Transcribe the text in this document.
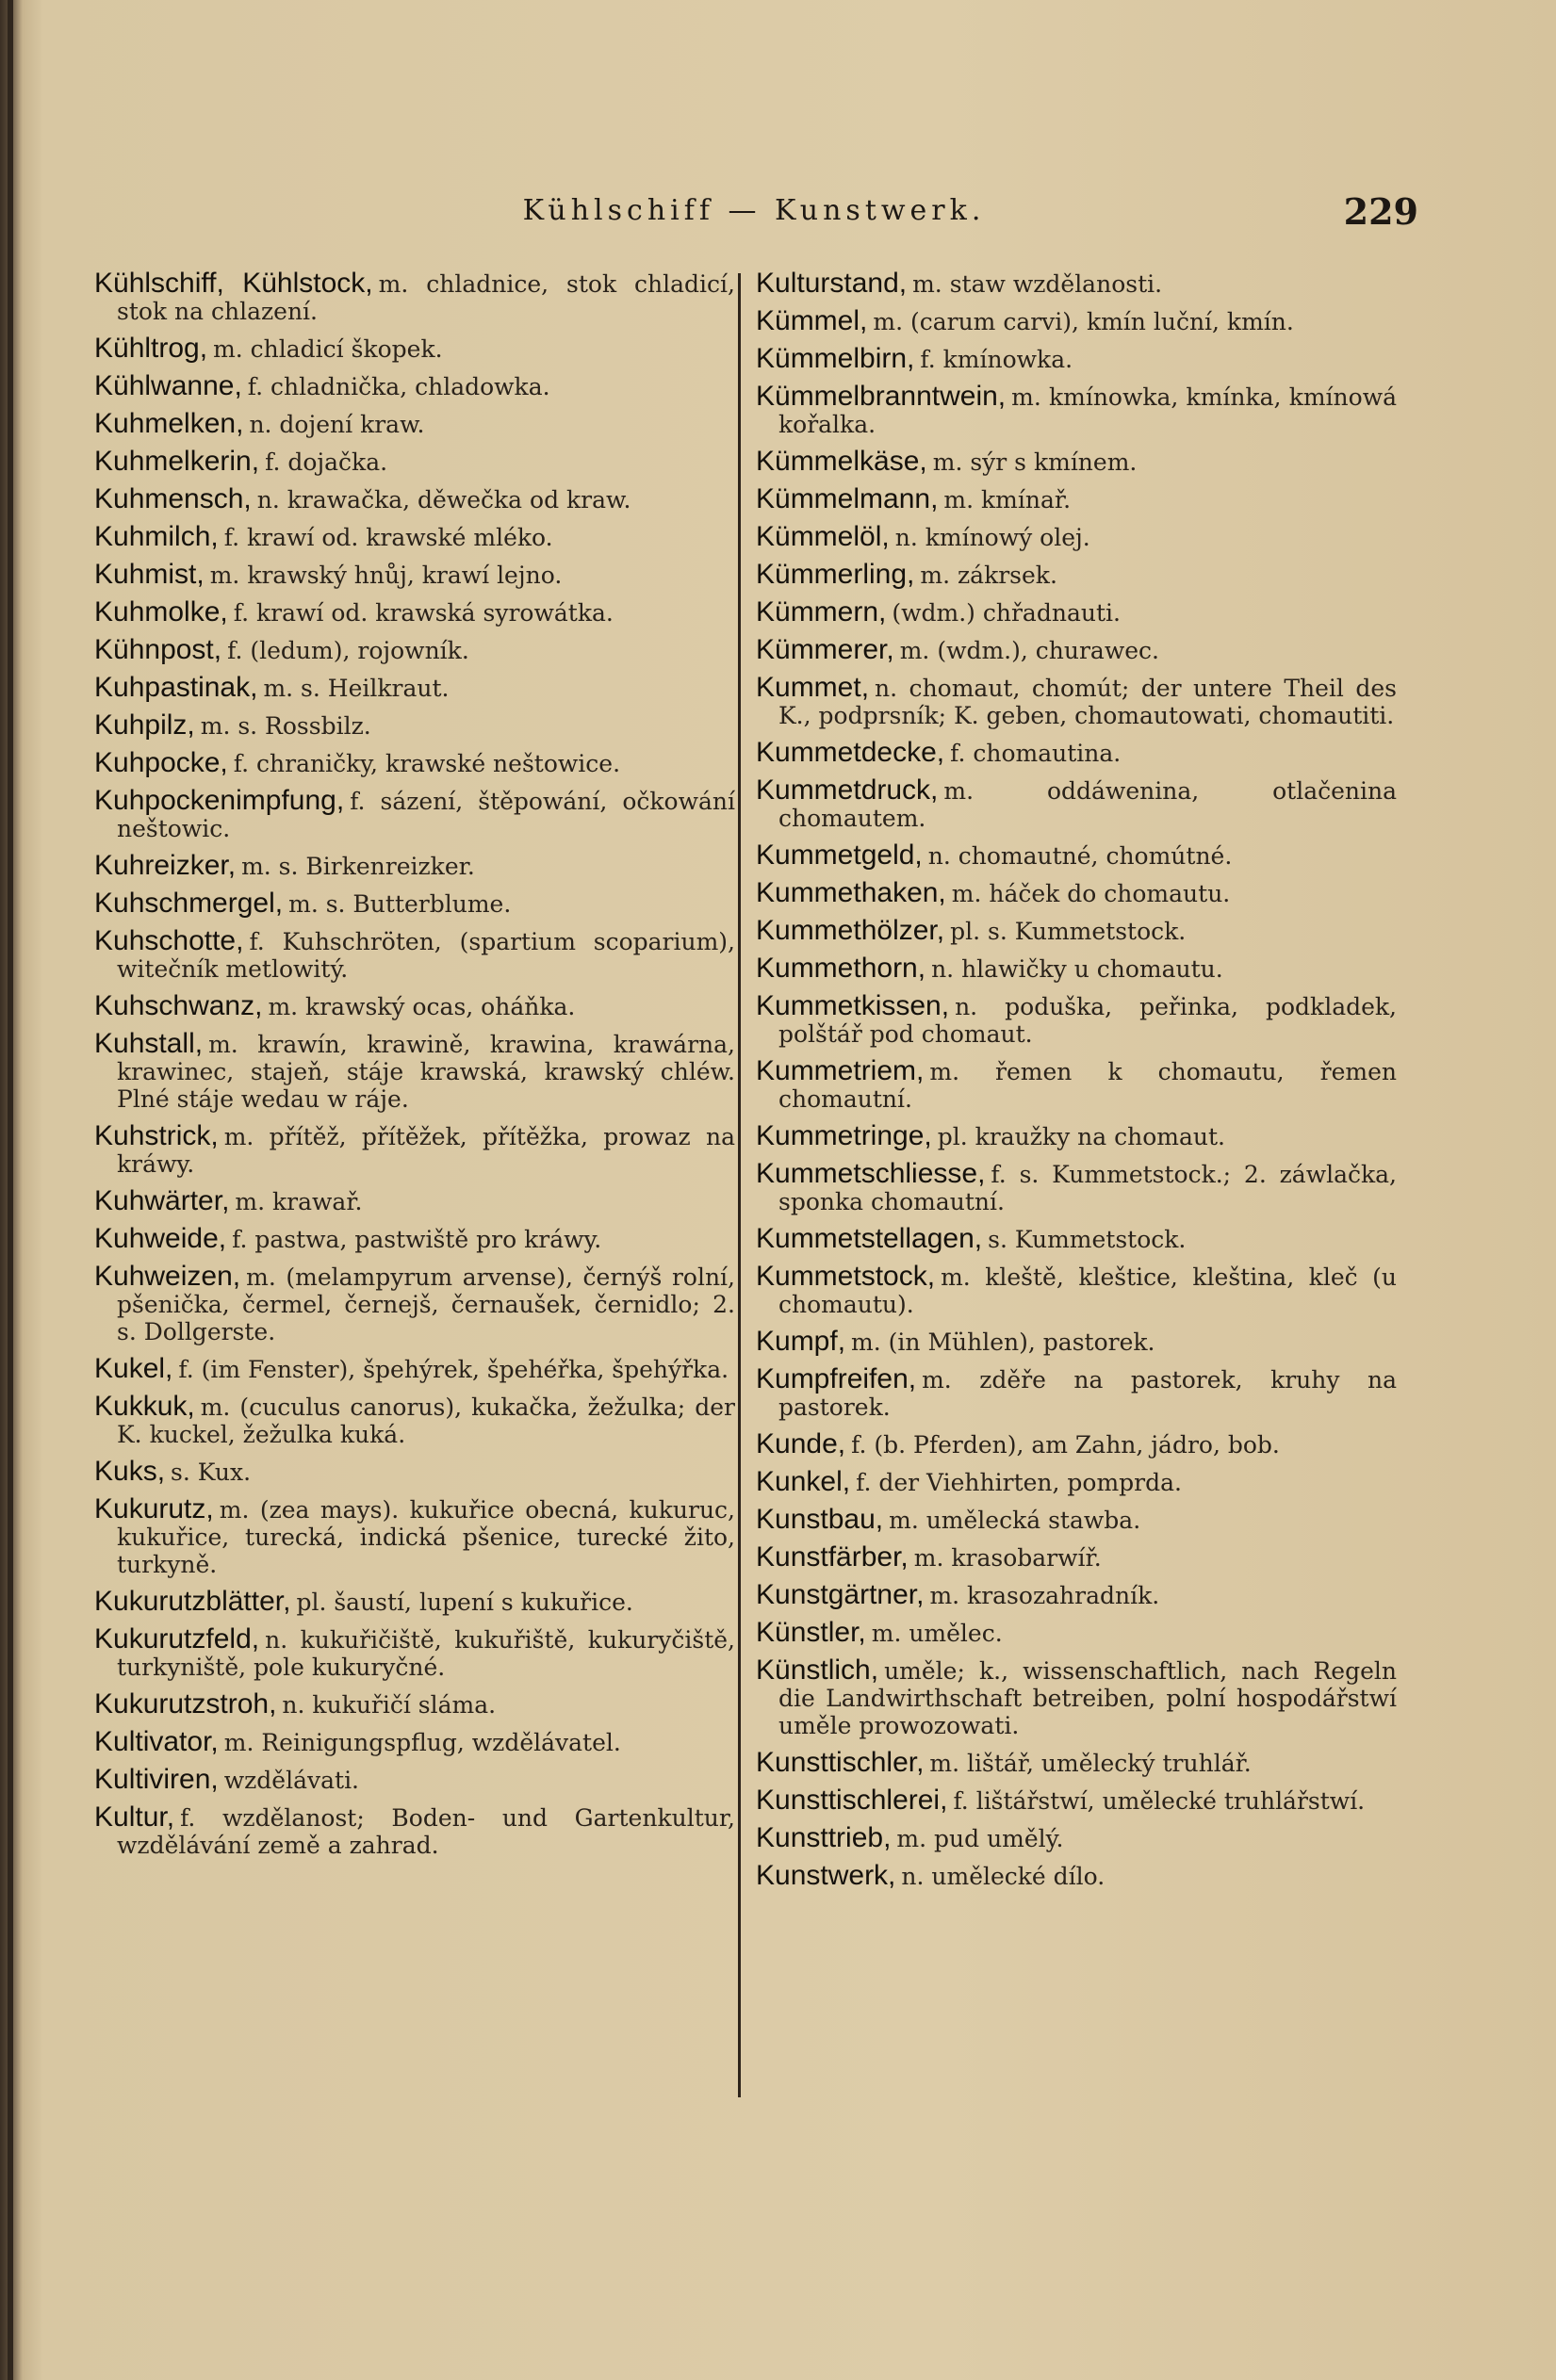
Kühlschiff — Kunstwerk.	229
Kühlschiff, Kühlstock, m. chladnice, stok chladicí, stok na chlazení.
Kühltrog, m. chladicí škopek.
Kühlwanne, f. chladnička, chladowka.
Kuhmelken, n. dojení kraw.
Kuhmelkerin, f. dojačka.
Kuhmensch, n. krawačka, děwečka od kraw.
Kuhmilch, f. krawí od. krawské mléko.
Kuhmist, m. krawský hnůj, krawí lejno.
Kuhmolke, f. krawí od. krawská syrowátka.
Kühnpost, f. (ledum), rojowník.
Kuhpastinak, m. s. Heilkraut.
Kuhpilz, m. s. Rossbilz.
Kuhpocke, f. chraničky, krawské neštowice.
Kuhpockenimpfung, f. sázení, štěpowání, očkowání neštowic.
Kuhreizker, m. s. Birkenreizker.
Kuhschmergel, m. s. Butterblume.
Kuhschotte, f. Kuhschröten, (spartium scoparium), witečník metlowitý.
Kuhschwanz, m. krawský ocas, oháňka.
Kuhstall, m. krawín, krawině, krawina, krawárna, krawinec, stajeň, stáje krawská, krawský chléw. Plné stáje wedau w ráje.
Kuhstrick, m. přítěž, přítěžek, přítěžka, prowaz na kráwy.
Kuhwärter, m. krawař.
Kuhweide, f. pastwa, pastwiště pro kráwy.
Kuhweizen, m. (melampyrum arvense), černýš rolní, pšenička, čermel, černejš, černaušek, černidlo; 2. s. Dollgerste.
Kukel, f. (im Fenster), špehýrek, špehéřka, špehýřka.
Kukkuk, m. (cuculus canorus), kukačka, žežulka; der K. kuckel, žežulka kuká.
Kuks, s. Kux.
Kukurutz, m. (zea mays). kukuřice obecná, kukuruc, kukuřice, turecká, indická pšenice, turecké žito, turkyně.
Kukurutzblätter, pl. šaustí, lupení s kukuřice.
Kukurutzfeld, n. kukuřičiště, kukuřiště, kukuryčiště, turkyniště, pole kukuryčné.
Kukurutzstroh, n. kukuřičí sláma.
Kultivator, m. Reinigungspflug, wzdělávatel.
Kultiviren, wzdělávati.
Kultur, f. wzdělanost; Boden- und Gartenkultur, wzdělávání země a zahrad.
Kulturstand, m. staw wzdělanosti.
Kümmel, m. (carum carvi), kmín luční, kmín.
Kümmelbirn, f. kmínowka.
Kümmelbranntwein, m. kmínowka, kmínka, kmínowá kořalka.
Kümmelkäse, m. sýr s kmínem.
Kümmelmann, m. kmínař.
Kümmelöl, n. kmínowý olej.
Kümmerling, m. zákrsek.
Kümmern, (wdm.) chřadnauti.
Kümmerer, m. (wdm.), churawec.
Kummet, n. chomaut, chomút; der untere Theil des K., podprsník; K. geben, chomautowati, chomautiti.
Kummetdecke, f. chomautina.
Kummetdruck, m. oddáwenina, otlačenina chomautem.
Kummetgeld, n. chomautné, chomútné.
Kummethaken, m. háček do chomautu.
Kummethölzer, pl. s. Kummetstock.
Kummethorn, n. hlawičky u chomautu.
Kummetkissen, n. poduška, peřinka, podkladek, polštář pod chomaut.
Kummetriem, m. řemen k chomautu, řemen chomautní.
Kummetringe, pl. kraužky na chomaut.
Kummetschliesse, f. s. Kummetstock.; 2. záwlačka, sponka chomautní.
Kummetstellagen, s. Kummetstock.
Kummetstock, m. kleště, kleštice, kleština, kleč (u chomautu).
Kumpf, m. (in Mühlen), pastorek.
Kumpfreifen, m. zděře na pastorek, kruhy na pastorek.
Kunde, f. (b. Pferden), am Zahn, jádro, bob.
Kunkel, f. der Viehhirten, pomprda.
Kunstbau, m. umělecká stawba.
Kunstfärber, m. krasobarwíř.
Kunstgärtner, m. krasozahradník.
Künstler, m. umělec.
Künstlich, uměle; k., wissenschaftlich, nach Regeln die Landwirthschaft betreiben, polní hospodářstwí uměle prowozowati.
Kunsttischler, m. lištář, umělecký truhlář.
Kunsttischlerei, f. lištářstwí, umělecké truhlářstwí.
Kunsttrieb, m. pud umělý.
Kunstwerk, n. umělecké dílo.
